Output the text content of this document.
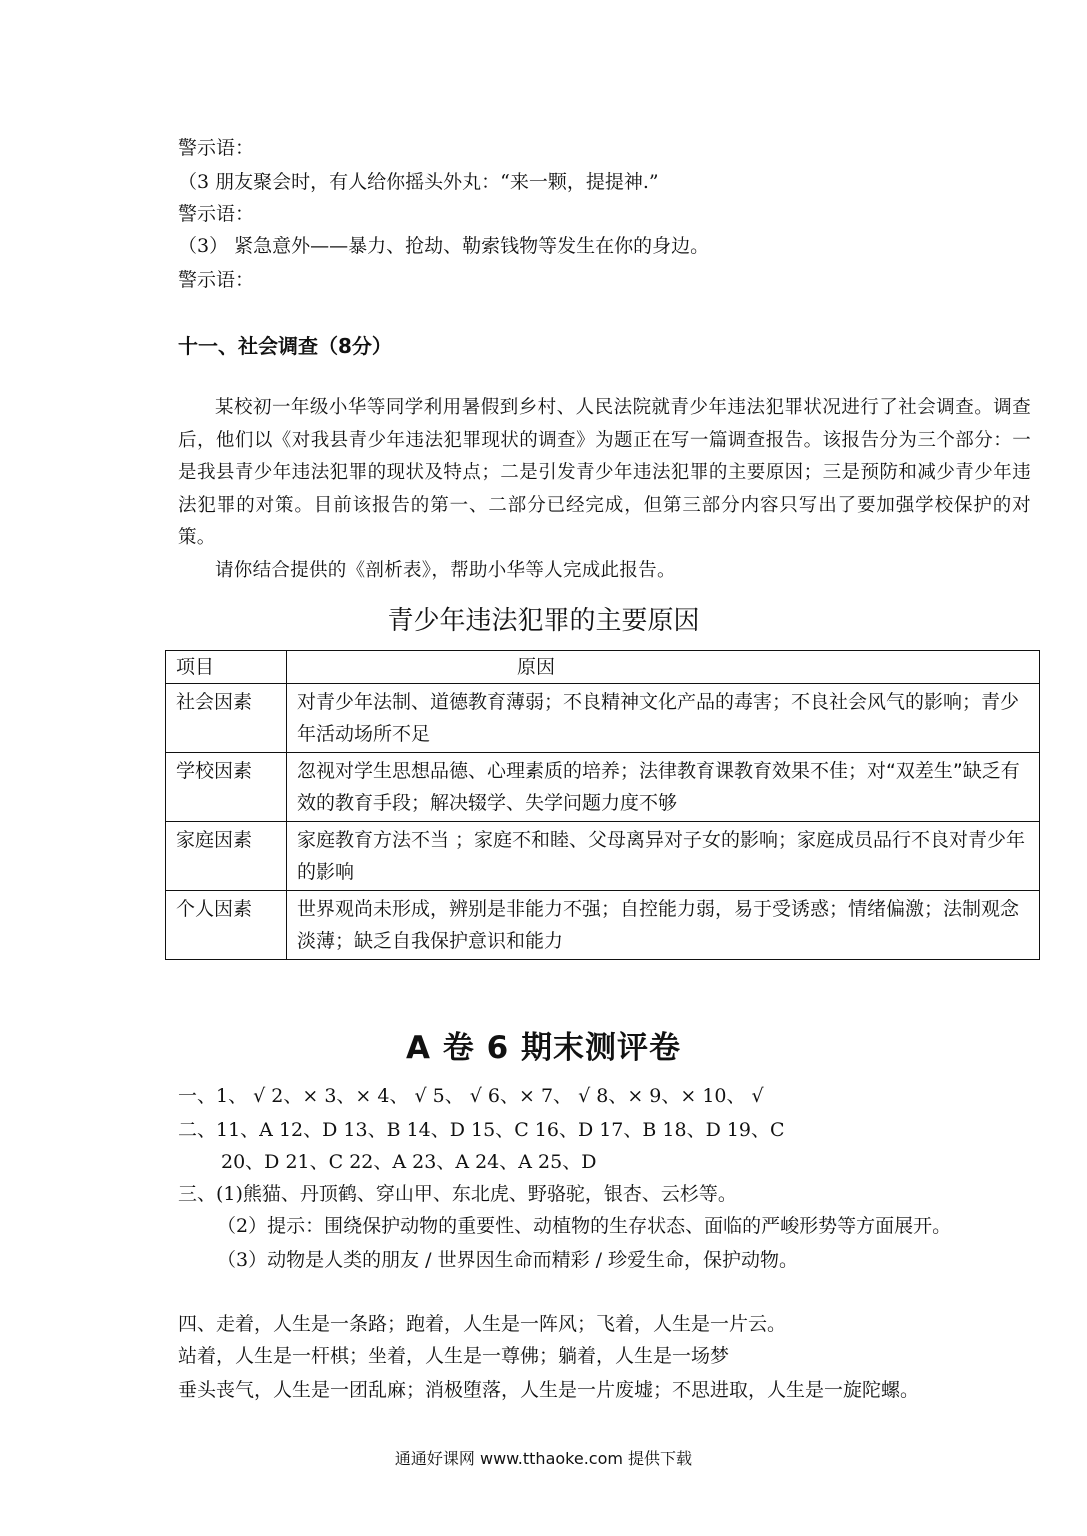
警示语：
（3 朋友聚会时，有人给你摇头外丸：“来一颗，提提神.”
警示语：
（3） 紧急意外——暴力、抢劫、勒索钱物等发生在你的身边。
警示语：
十一、社会调查（8分）

某校初一年级小华等同学利用暑假到乡村、人民法院就青少年违法犯罪状况进行了社会调查。调查后，他们以《对我县青少年违法犯罪现状的调查》为题正在写一篇调查报告。该报告分为三个部分：一是我县青少年违法犯罪的现状及特点；二是引发青少年违法犯罪的主要原因；三是预防和减少青少年违法犯罪的对策。目前该报告的第一、二部分已经完成，但第三部分内容只写出了要加强学校保护的对策。

请你结合提供的《剖析表》，帮助小华等人完成此报告。

青少年违法犯罪的主要原因
项目	原因
社会因素	对青少年法制、道德教育薄弱；不良精神文化产品的毒害；不良社会风气的影响；青少年活动场所不足
学校因素	忽视对学生思想品德、心理素质的培养；法律教育课教育效果不佳；对“双差生”缺乏有效的教育手段；解决辍学、失学问题力度不够
家庭因素	家庭教育方法不当 ；家庭不和睦、父母离异对子女的影响；家庭成员品行不良对青少年的影响
个人因素	世界观尚未形成，辨别是非能力不强；自控能力弱，易于受诱惑；情绪偏激；法制观念淡薄；缺乏自我保护意识和能力
A 卷 6 期末测评卷
一、1、 √ 2、× 3、× 4、 √ 5、 √ 6、× 7、 √ 8、× 9、× 10、 √
二、11、A 12、D 13、B 14、D 15、C 16、D 17、B 18、D 19、C
20、D 21、C 22、A 23、A 24、A 25、D
三、(1)熊猫、丹顶鹤、穿山甲、东北虎、野骆驼，银杏、云杉等。
（2）提示：围绕保护动物的重要性、动植物的生存状态、面临的严峻形势等方面展开。
（3）动物是人类的朋友 / 世界因生命而精彩 / 珍爱生命，保护动物。
四、走着，人生是一条路；跑着，人生是一阵风；飞着，人生是一片云。
站着，人生是一杆棋；坐着，人生是一尊佛；躺着，人生是一场梦
垂头丧气，人生是一团乱麻；消极堕落，人生是一片废墟；不思进取，人生是一旋陀螺。
通通好课网 www.tthaoke.com 提供下载
